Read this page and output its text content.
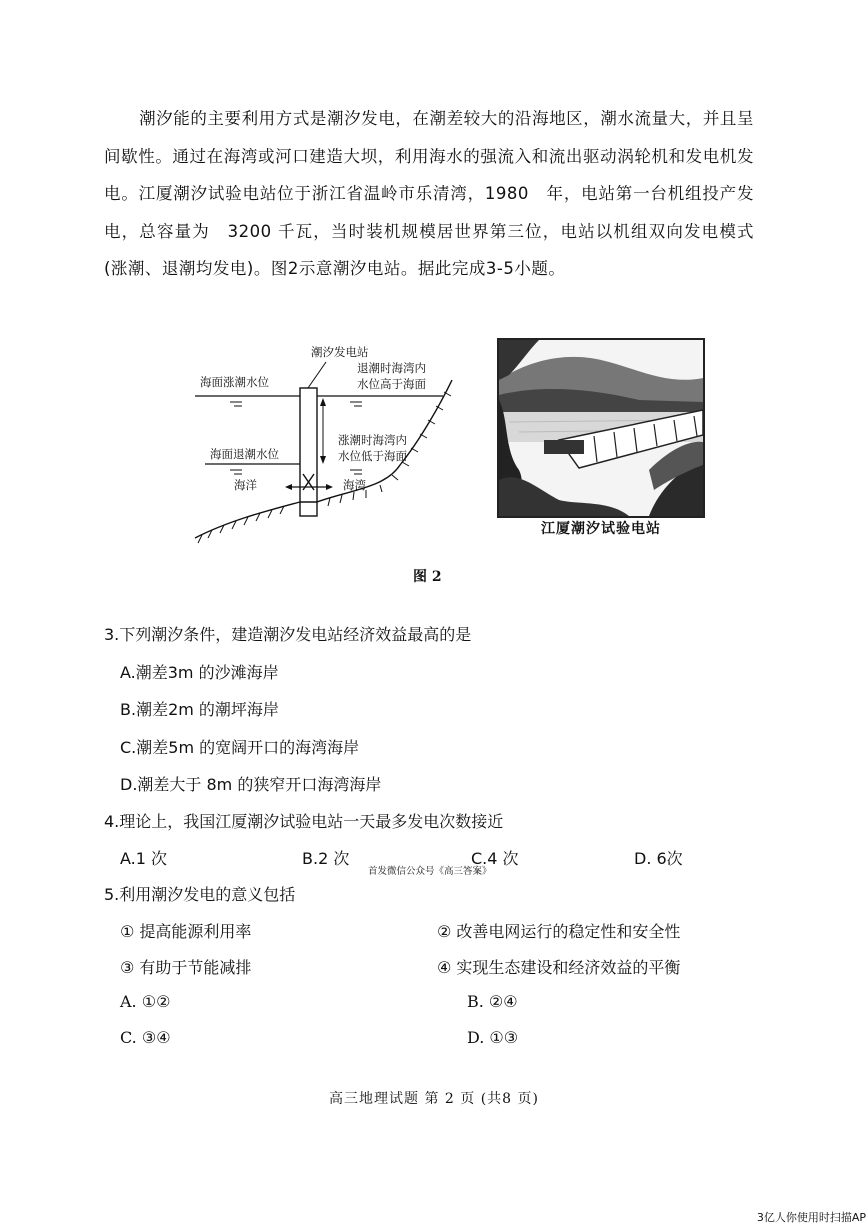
潮汐能的主要利用方式是潮汐发电，在潮差较大的沿海地区，潮水流量大，并且呈间歇性。通过在海湾或河口建造大坝，利用海水的强流入和流出驱动涡轮机和发电机发电。江厦潮汐试验电站位于浙江省温岭市乐清湾，1980　年，电站第一台机组投产发电，总容量为　3200 千瓦，当时装机规模居世界第三位，电站以机组双向发电模式(涨潮、退潮均发电)。图2示意潮汐电站。据此完成3-5小题。
潮汐发电站
海面涨潮水位
退潮时海湾内
水位高于海面
涨潮时海湾内
水位低于海面
海面退潮水位
海洋	海湾
江厦潮汐试验电站
图 2
3.下列潮汐条件，建造潮汐发电站经济效益最高的是
A.潮差3m 的沙滩海岸
B.潮差2m 的潮坪海岸
C.潮差5m 的宽阔开口的海湾海岸
D.潮差大于 8m 的狭窄开口海湾海岸
4.理论上，我国江厦潮汐试验电站一天最多发电次数接近
A.1 次	B.2 次	C.4 次	D. 6次
首发微信公众号《高三答案》
5.利用潮汐发电的意义包括
① 提高能源利用率	② 改善电网运行的稳定性和安全性
③ 有助于节能减排	④ 实现生态建设和经济效益的平衡
A. ①②	B. ②④
C. ③④	D. ①③
高三地理试题 第 2 页 (共8 页)
3亿人你使用时扫描AP
